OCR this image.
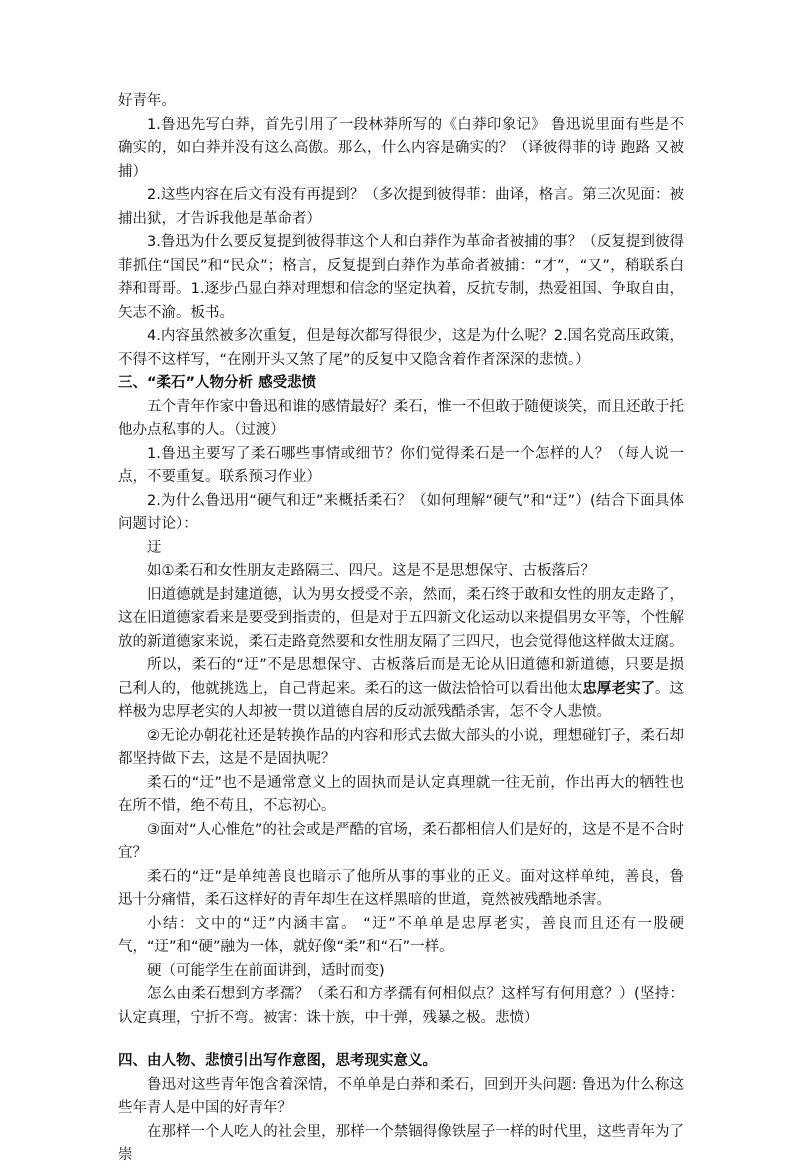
好青年。

1.鲁迅先写白莽，首先引用了一段林莽所写的《白莽印象记》 鲁迅说里面有些是不确实的，如白莽并没有这么高傲。那么，什么内容是确实的？（译彼得菲的诗 跑路 又被捕）

2.这些内容在后文有没有再提到？（多次提到彼得菲：曲译，格言。第三次见面：被捕出狱，才告诉我他是革命者）

3.鲁迅为什么要反复提到彼得菲这个人和白莽作为革命者被捕的事？（反复提到彼得菲抓住“国民”和“民众”；格言，反复提到白莽作为革命者被捕：“才”，“又”，稍联系白莽和哥哥。1.逐步凸显白莽对理想和信念的坚定执着，反抗专制，热爱祖国、争取自由，矢志不渝。板书。

4.内容虽然被多次重复，但是每次都写得很少，这是为什么呢？2.国名党高压政策，不得不这样写，“在刚开头又煞了尾”的反复中又隐含着作者深深的悲愤。）

三、“柔石”人物分析 感受悲愤

五个青年作家中鲁迅和谁的感情最好？柔石，惟一不但敢于随便谈笑，而且还敢于托他办点私事的人。（过渡）

1.鲁迅主要写了柔石哪些事情或细节？你们觉得柔石是一个怎样的人？（每人说一点，不要重复。联系预习作业）

2.为什么鲁迅用“硬气和迂”来概括柔石？（如何理解“硬气”和“迂”）(结合下面具体问题讨论）：

迂

如①柔石和女性朋友走路隔三、四尺。这是不是思想保守、古板落后？

旧道德就是封建道德，认为男女授受不亲，然而，柔石终于敢和女性的朋友走路了，这在旧道德家看来是要受到指责的，但是对于五四新文化运动以来提倡男女平等，个性解放的新道德家来说，柔石走路竟然要和女性朋友隔了三四尺，也会觉得他这样做太迂腐。

所以，柔石的“迂”不是思想保守、古板落后而是无论从旧道德和新道德，只要是损己利人的，他就挑选上，自己背起来。柔石的这一做法恰恰可以看出他太忠厚老实了。这样极为忠厚老实的人却被一贯以道德自居的反动派残酷杀害，怎不令人悲愤。

②无论办朝花社还是转换作品的内容和形式去做大部头的小说，理想碰钉子，柔石却都坚持做下去，这是不是固执呢？

柔石的“迂”也不是通常意义上的固执而是认定真理就一往无前，作出再大的牺牲也在所不惜，绝不苟且，不忘初心。

③面对“人心惟危”的社会或是严酷的官场，柔石都相信人们是好的，这是不是不合时宜？

柔石的“迂”是单纯善良也暗示了他所从事的事业的正义。面对这样单纯，善良，鲁迅十分痛惜，柔石这样好的青年却生在这样黑暗的世道，竟然被残酷地杀害。

小结：文中的“迂”内涵丰富。 “迂”不单单是忠厚老实，善良而且还有一股硬气，“迂”和“硬”融为一体，就好像“柔”和“石”一样。

硬（可能学生在前面讲到，适时而变)

怎么由柔石想到方孝孺？（柔石和方孝孺有何相似点？这样写有何用意？）(坚持：认定真理，宁折不弯。被害：诛十族，中十弹，残暴之极。悲愤）

四、由人物、悲愤引出写作意图，思考现实意义。

鲁迅对这些青年饱含着深情，不单单是白莽和柔石，回到开头问题: 鲁迅为什么称这些年青人是中国的好青年？

在那样一个人吃人的社会里，那样一个禁锢得像铁屋子一样的时代里，这些青年为了崇
